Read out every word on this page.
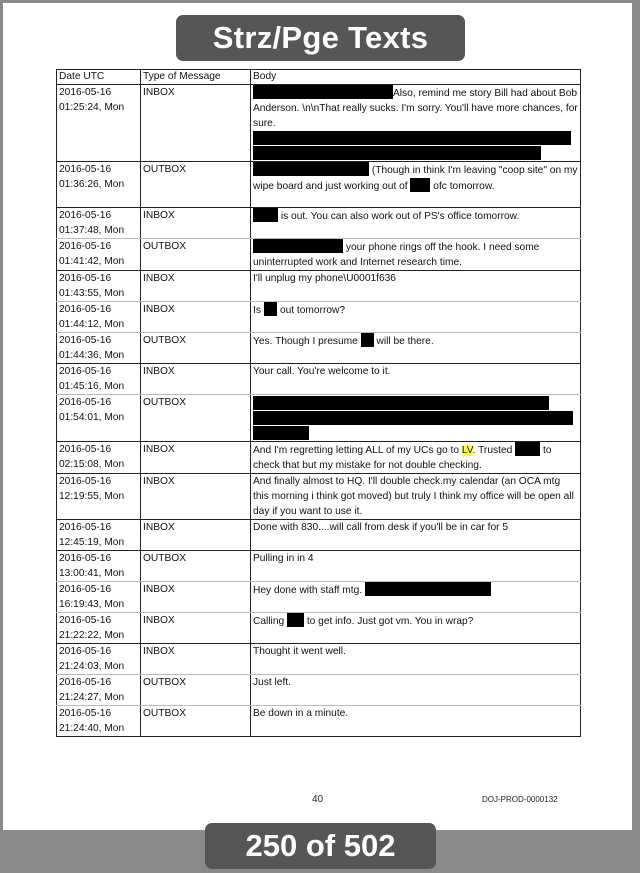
Strz/Pge Texts
Date UTC	Type of Message	Body
2016-05-16
01:25:24, Mon	INBOX	Also, remind me story Bill had about Bob Anderson. \n\nThat really sucks. I'm sorry. You'll have more chances, for sure.

2016-05-16
01:36:26, Mon	OUTBOX	(Though in think I'm leaving "coop site" on my wipe board and just working out of ofc tomorrow.
2016-05-16
01:37:48, Mon	INBOX	is out. You can also work out of PS's office tomorrow.
2016-05-16
01:41:42, Mon	OUTBOX	your phone rings off the hook. I need some uninterrupted work and Internet research time.
2016-05-16
01:43:55, Mon	INBOX	I'll unplug my phone\U0001f636
2016-05-16
01:44:12, Mon	INBOX	Is out tomorrow?
2016-05-16
01:44:36, Mon	OUTBOX	Yes. Though I presume will be there.
2016-05-16
01:45:16, Mon	INBOX	Your call. You're welcome to it.
2016-05-16
01:54:01, Mon	OUTBOX	

2016-05-16
02:15:08, Mon	INBOX	And I'm regretting letting ALL of my UCs go to LV. Trusted to check that but my mistake for not double checking.
2016-05-16
12:19:55, Mon	INBOX	And finally almost to HQ. I'll double check.my calendar (an OCA mtg this morning i think got moved) but truly I think my office will be open all day if you want to use it.
2016-05-16
12:45:19, Mon	INBOX	Done with 830....will call from desk if you'll be in car for 5
2016-05-16
13:00:41, Mon	OUTBOX	Pulling in in 4
2016-05-16
16:19:43, Mon	INBOX	Hey done with staff mtg.
2016-05-16
21:22:22, Mon	INBOX	Calling to get info. Just got vm. You in wrap?
2016-05-16
21:24:03, Mon	INBOX	Thought it went well.
2016-05-16
21:24:27, Mon	OUTBOX	Just left.
2016-05-16
21:24:40, Mon	OUTBOX	Be down in a minute.
40	DOJ-PROD-0000132
250 of 502
